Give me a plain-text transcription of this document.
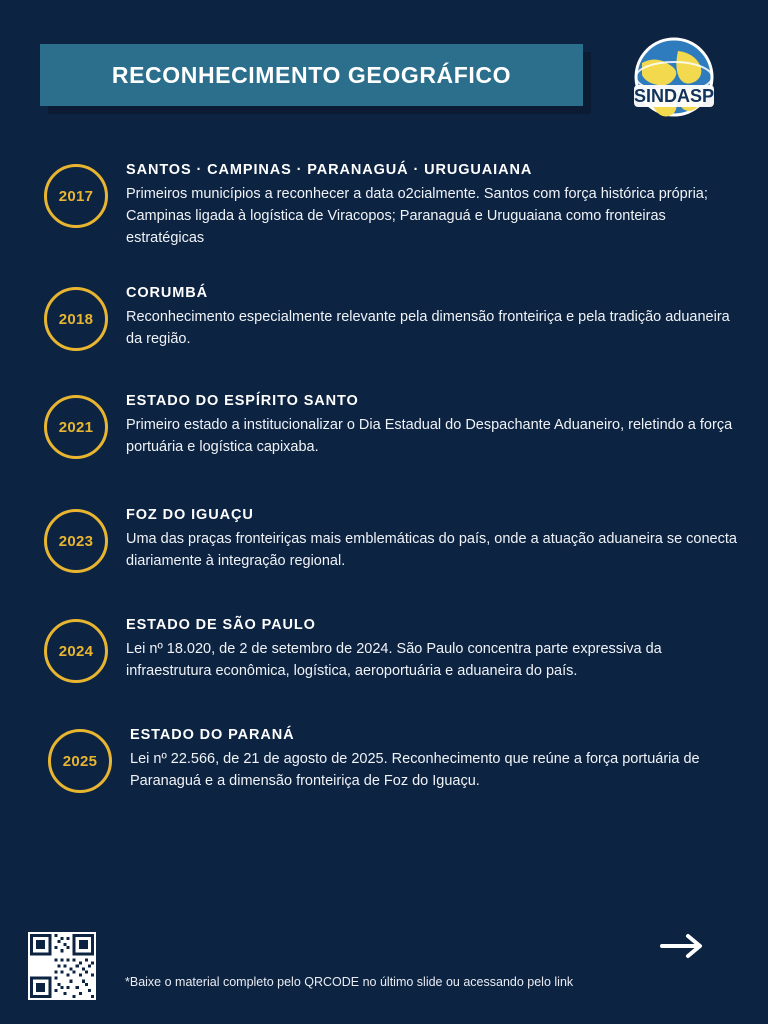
RECONHECIMENTO GEOGRÁFICO
SINDASP
2017

SANTOS · CAMPINAS · PARANAGUÁ · URUGUAIANA

Primeiros municípios a reconhecer a data o2cialmente. Santos com força histórica própria; Campinas ligada à logística de Viracopos; Paranaguá e Uruguaiana como fronteiras estratégicas

2018

CORUMBÁ

Reconhecimento especialmente relevante pela dimensão fronteiriça e pela tradição aduaneira da região.

2021

ESTADO DO ESPÍRITO SANTO

Primeiro estado a institucionalizar o Dia Estadual do Despachante Aduaneiro, reletindo a força portuária e logística capixaba.

2023

FOZ DO IGUAÇU

Uma das praças fronteiriças mais emblemáticas do país, onde a atuação aduaneira se conecta diariamente à integração regional.

2024

ESTADO DE SÃO PAULO

Lei nº 18.020, de 2 de setembro de 2024. São Paulo concentra parte expressiva da infraestrutura econômica, logística, aeroportuária e aduaneira do país.

2025

ESTADO DO PARANÁ

Lei nº 22.566, de 21 de agosto de 2025. Reconhecimento que reúne a força portuária de Paranaguá e a dimensão fronteiriça de Foz do Iguaçu.

*Baixe o material completo pelo QRCODE no último slide ou acessando pelo link
